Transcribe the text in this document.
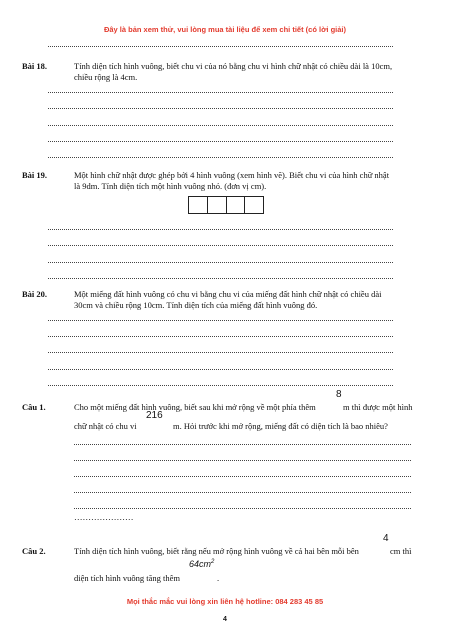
Đây là bản xem thử, vui lòng mua tài liệu để xem chi tiết (có lời giải)
Bài 18.	Tính diện tích hình vuông, biết chu vi của nó bằng chu vi hình chữ nhật có chiều dài là 10cm,
chiều rộng là 4cm.
Bài 19.	Một hình chữ nhật được ghép bởi 4 hình vuông (xem hình vẽ). Biết chu vi của hình chữ nhật
là 9dm. Tính diện tích một hình vuông nhỏ. (đơn vị cm).
Bài 20.	Một miếng đất hình vuông có chu vi bằng chu vi của miếng đất hình chữ nhật có chiều dài
30cm và chiều rộng 10cm. Tính diện tích của miếng đất hình vuông đó.
Câu 1.	Cho một miếng đất hình vuông, biết sau khi mở rộng về một phía thêm
8
m thì được một hình
chữ nhật có chu vi
216
m. Hỏi trước khi mở rộng, miếng đất có diện tích là bao nhiêu?
…………………
Câu 2.	Tính diện tích hình vuông, biết rằng nếu mở rộng hình vuông về cả hai bên mỗi bên
4
cm thì
$64cm^2$
diện tích hình vuông tăng thêm	.
Mọi thắc mắc vui lòng xin liên hệ hotline: 084 283 45 85
4
